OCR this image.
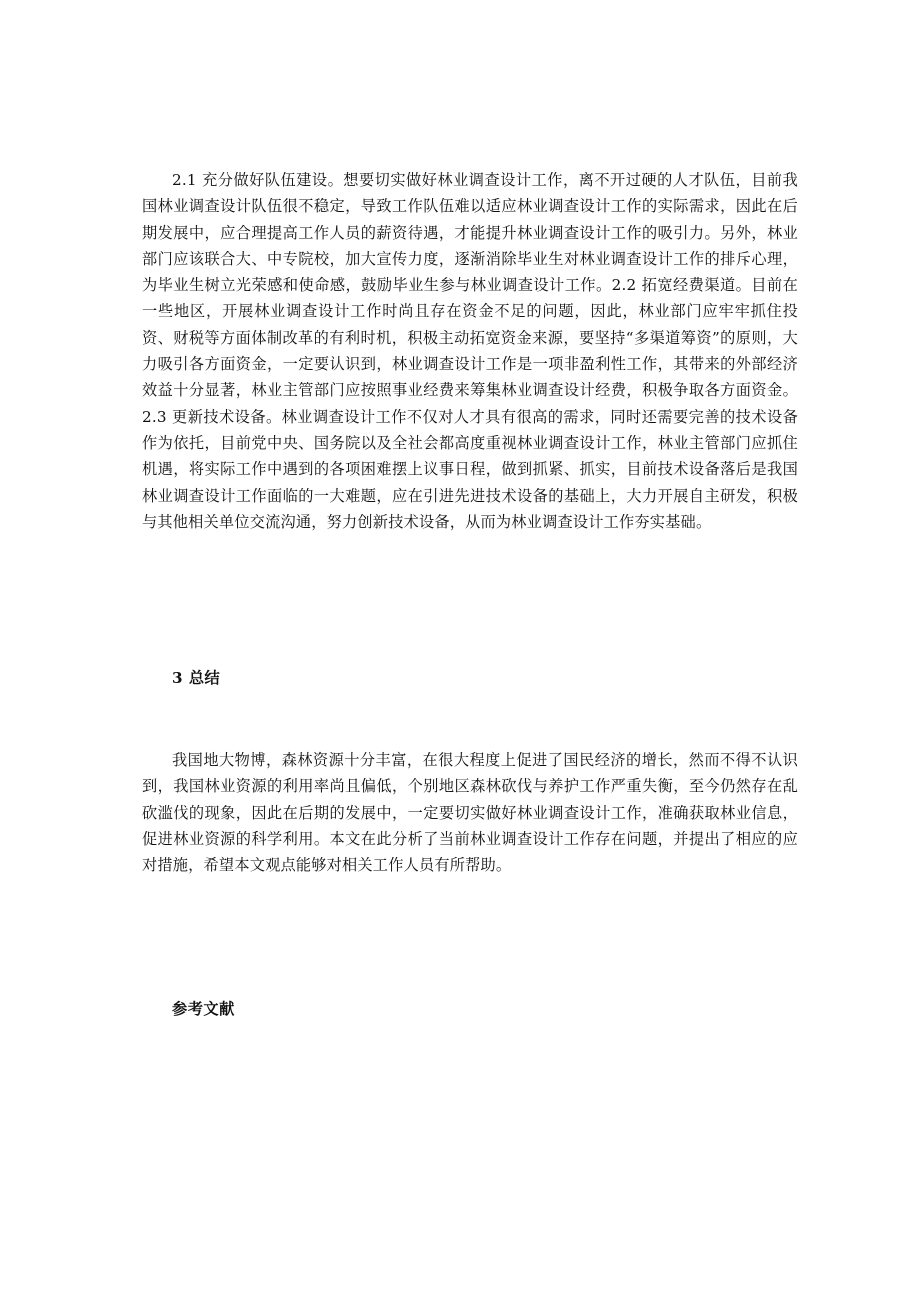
2.1 充分做好队伍建设。想要切实做好林业调查设计工作，离不开过硬的人才队伍，目前我国林业调查设计队伍很不稳定，导致工作队伍难以适应林业调查设计工作的实际需求，因此在后期发展中，应合理提高工作人员的薪资待遇，才能提升林业调查设计工作的吸引力。另外，林业部门应该联合大、中专院校，加大宣传力度，逐渐消除毕业生对林业调查设计工作的排斥心理，为毕业生树立光荣感和使命感，鼓励毕业生参与林业调查设计工作。2.2 拓宽经费渠道。目前在一些地区，开展林业调查设计工作时尚且存在资金不足的问题，因此，林业部门应牢牢抓住投资、财税等方面体制改革的有利时机，积极主动拓宽资金来源，要坚持“多渠道筹资”的原则，大力吸引各方面资金，一定要认识到，林业调查设计工作是一项非盈利性工作，其带来的外部经济效益十分显著，林业主管部门应按照事业经费来筹集林业调查设计经费，积极争取各方面资金。2.3 更新技术设备。林业调查设计工作不仅对人才具有很高的需求，同时还需要完善的技术设备作为依托，目前党中央、国务院以及全社会都高度重视林业调查设计工作，林业主管部门应抓住机遇，将实际工作中遇到的各项困难摆上议事日程，做到抓紧、抓实，目前技术设备落后是我国林业调查设计工作面临的一大难题，应在引进先进技术设备的基础上，大力开展自主研发，积极与其他相关单位交流沟通，努力创新技术设备，从而为林业调查设计工作夯实基础。

3 总结

我国地大物博，森林资源十分丰富，在很大程度上促进了国民经济的增长，然而不得不认识到，我国林业资源的利用率尚且偏低，个别地区森林砍伐与养护工作严重失衡，至今仍然存在乱砍滥伐的现象，因此在后期的发展中，一定要切实做好林业调查设计工作，准确获取林业信息，促进林业资源的科学利用。本文在此分析了当前林业调查设计工作存在问题，并提出了相应的应对措施，希望本文观点能够对相关工作人员有所帮助。

参考文献
